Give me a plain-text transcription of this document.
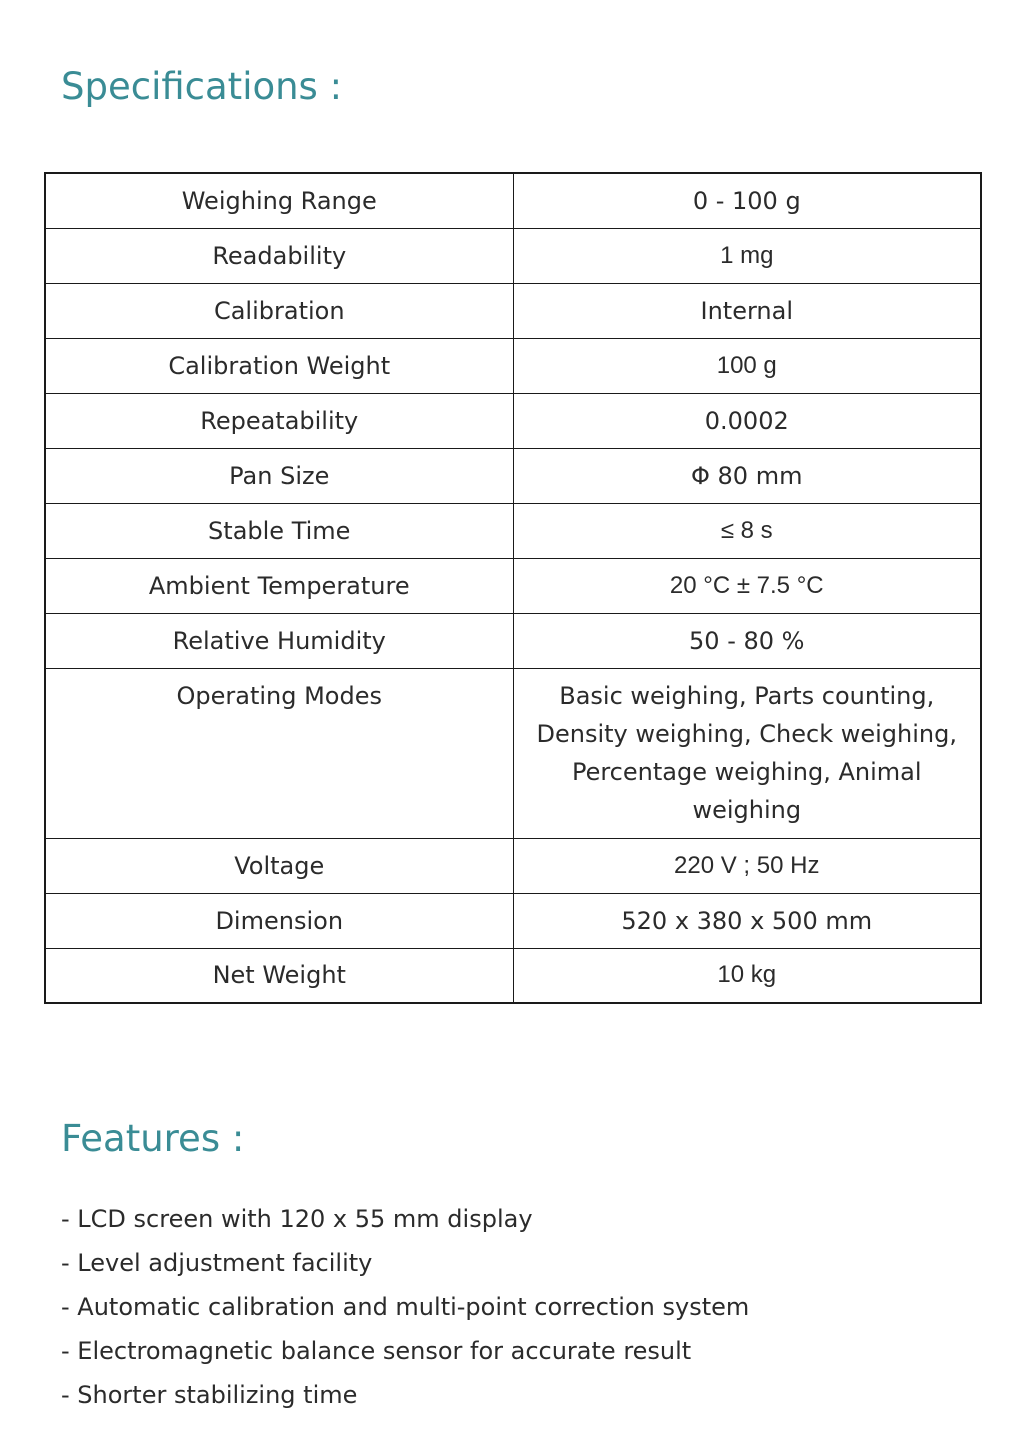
Specifications :
Weighing Range	0 - 100 g
Readability	1 mg
Calibration	Internal
Calibration Weight	100 g
Repeatability	0.0002
Pan Size	Φ 80 mm
Stable Time	≤ 8 s
Ambient Temperature	20 °C ± 7.5 °C
Relative Humidity	50 - 80 %
Operating Modes	Basic weighing, Parts counting, Density weighing, Check weighing, Percentage weighing, Animal weighing
Voltage	220 V ; 50 Hz
Dimension	520 x 380 x 500 mm
Net Weight	10 kg
Features :
- LCD screen with 120 x 55 mm display
- Level adjustment facility
- Automatic calibration and multi-point correction system
- Electromagnetic balance sensor for accurate result
- Shorter stabilizing time
